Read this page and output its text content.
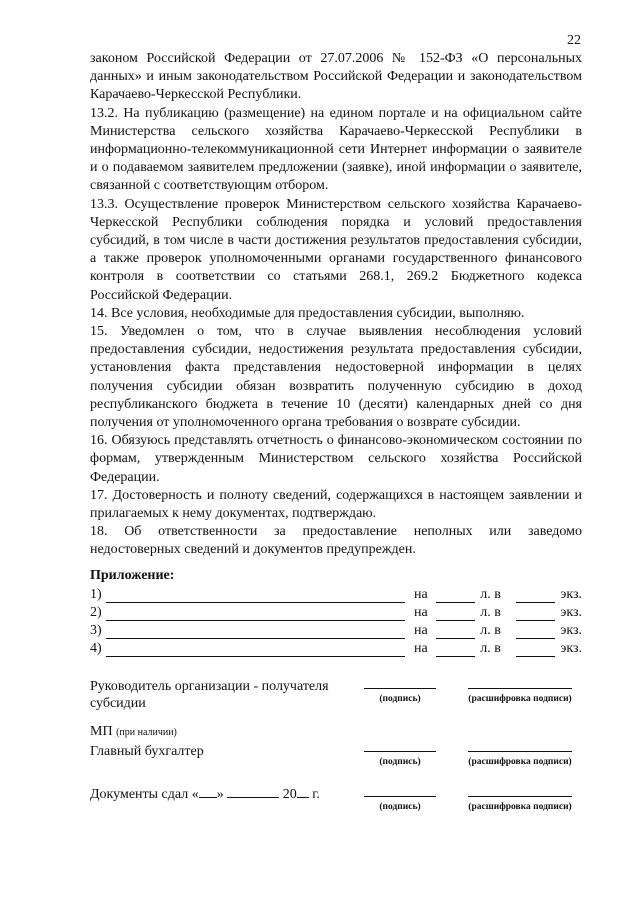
22

законом Российской Федерации от 27.07.2006 № 152-ФЗ «О персональных данных» и иным законодательством Российской Федерации и законодательством Карачаево-Черкесской Республики.

13.2. На публикацию (размещение) на едином портале и на официальном сайте Министерства сельского хозяйства Карачаево-Черкесской Республики в информационно-телекоммуникационной сети Интернет информации о заявителе и о подаваемом заявителем предложении (заявке), иной информации о заявителе, связанной с соответствующим отбором.

13.3. Осуществление проверок Министерством сельского хозяйства Карачаево-Черкесской Республики соблюдения порядка и условий предоставления субсидий, в том числе в части достижения результатов предоставления субсидии, а также проверок уполномоченными органами государственного финансового контроля в соответствии со статьями 268.1, 269.2 Бюджетного кодекса Российской Федерации.

14. Все условия, необходимые для предоставления субсидии, выполняю.

15. Уведомлен о том, что в случае выявления несоблюдения условий предоставления субсидии, недостижения результата предоставления субсидии, установления факта представления недостоверной информации в целях получения субсидии обязан возвратить полученную субсидию в доход республиканского бюджета в течение 10 (десяти) календарных дней со дня получения от уполномоченного органа требования о возврате субсидии.

16. Обязуюсь представлять отчетность о финансово-экономическом состоянии по формам, утвержденным Министерством сельского хозяйства Российской Федерации.

17. Достоверность и полноту сведений, содержащихся в настоящем заявлении и прилагаемых к нему документах, подтверждаю.

18. Об ответственности за предоставление неполных или заведомо недостоверных сведений и документов предупрежден.

Приложение:
1)	на	л. в	экз.
2)	на	л. в	экз.
3)	на	л. в	экз.
4)	на	л. в	экз.
Руководитель организации - получателя
субсидии	(подпись)	(расшифровка подписи)
МП (при наличии)
Главный бухгалтер
(подпись)	(расшифровка подписи)
Документы сдал « »	20 г.
(подпись)	(расшифровка подписи)
